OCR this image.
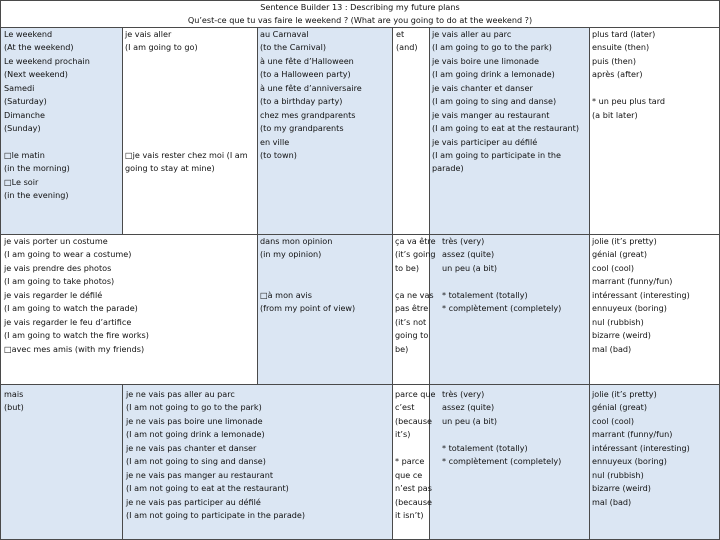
Sentence Builder 13 : Describing my future plans
Qu’est-ce que tu vas faire le weekend ? (What are you going to do at the weekend ?)
Le weekend
(At the weekend)
Le weekend prochain
(Next weekend)
Samedi
(Saturday)
Dimanche
(Sunday)
□le matin
(in the morning)
□Le soir
(in the evening)
je vais aller
(I am going to go)
□je vais rester chez moi (I am
going to stay at mine)
au Carnaval
(to the Carnival)
à une fête d’Halloween
(to a Halloween party)
à une fête d’anniversaire
(to a birthday party)
chez mes grandparents
(to my grandparents
en ville
(to town)
et
(and)
je vais aller au parc
(I am going to go to the park)
je vais boire une limonade
(I am going drink a lemonade)
je vais chanter et danser
(I am going to sing and danse)
je vais manger au restaurant
(I am going to eat at the restaurant)
je vais participer au défilé
(I am going to participate in the
parade)
plus tard (later)
ensuite (then)
puis (then)
après (after)
* un peu plus tard
(a bit later)
je vais porter un costume
(I am going to wear a costume)
je vais prendre des photos
(I am going to take photos)
je vais regarder le défilé
(I am going to watch the parade)
je vais regarder le feu d’artifice
(I am going to watch the fire works)
□avec mes amis (with my friends)
dans mon opinion
(in my opinion)
□à mon avis
(from my point of view)
ça va être
(it’s going
to be)
ça ne vas
pas être
(it’s not
going to
be)
très (very)
assez (quite)
un peu (a bit)
* totalement (totally)
* complètement (completely)
jolie (it’s pretty)
génial (great)
cool (cool)
marrant (funny/fun)
intéressant (interesting)
ennuyeux (boring)
nul (rubbish)
bizarre (weird)
mal (bad)
mais
(but)
je ne vais pas aller au parc
(I am not going to go to the park)
je ne vais pas boire une limonade
(I am not going drink a lemonade)
je ne vais pas chanter et danser
(I am not going to sing and danse)
je ne vais pas manger au restaurant
(I am not going to eat at the restaurant)
je ne vais pas participer au défilé
(I am not going to participate in the parade)
parce que
c’est
(because
it’s)
* parce
que ce
n’est pas
(because
it isn’t)
très (very)
assez (quite)
un peu (a bit)
* totalement (totally)
* complètement (completely)
jolie (it’s pretty)
génial (great)
cool (cool)
marrant (funny/fun)
intéressant (interesting)
ennuyeux (boring)
nul (rubbish)
bizarre (weird)
mal (bad)
